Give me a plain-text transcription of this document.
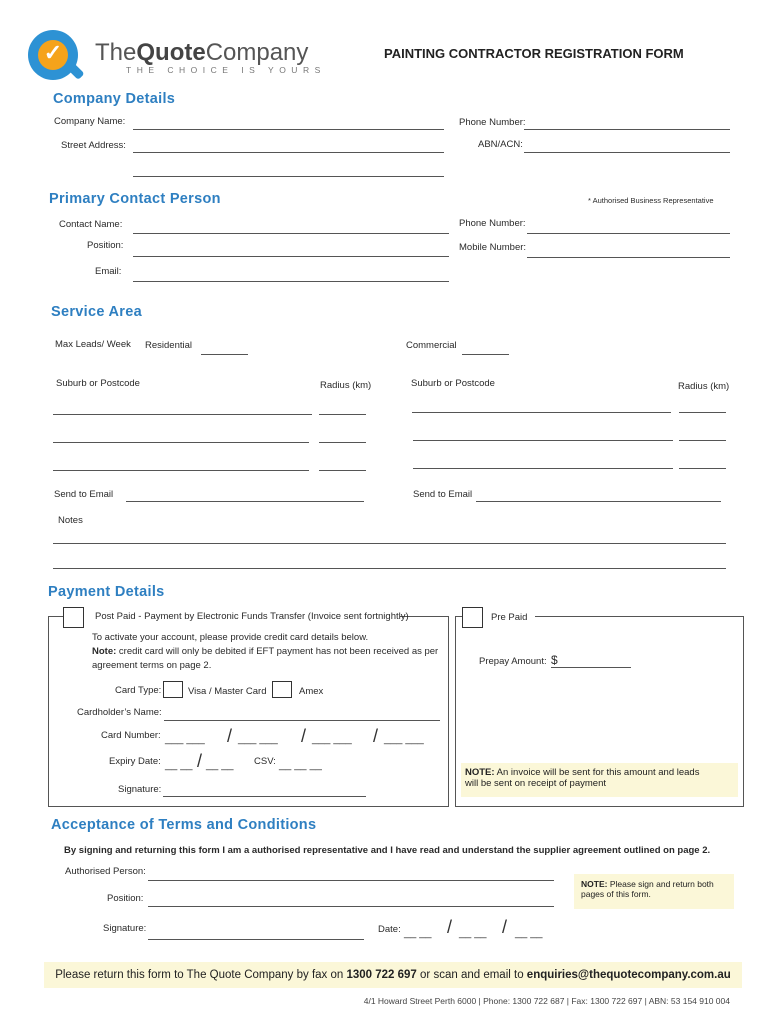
✓ TheQuoteCompany
THE CHOICE IS YOURS
PAINTING CONTRACTOR REGISTRATION FORM
Company Details
Company Name:
Street Address:
Phone Number:
ABN/ACN:
Primary Contact Person	* Authorised Business Representative
Contact Name:
Position:
Email:
Phone Number:
Mobile Number:
Service Area
Max Leads/ Week Residential	Commercial
Suburb or Postcode	Radius (km)	Suburb or Postcode	Radius (km)
Send to Email	Send to Email
Notes
Payment Details
Post Paid - Payment by Electronic Funds Transfer (Invoice sent fortnightly)
To activate your account, please provide credit card details below.
Note: credit card will only be debited if EFT payment has not been received as per
agreement terms on page 2.
Card Type:	Visa / Master Card	Amex
Cardholder’s Name:
Card Number: ___ ___ / ___ ___ / ___ ___ / ___ ___
Expiry Date: __ __ / __ __ CSV: __ __ __
Signature:
Pre Paid
Prepay Amount: $
NOTE: An invoice will be sent for this amount and leads
will be sent on receipt of payment
Acceptance of Terms and Conditions
By signing and returning this form I am a authorised representative and I have read and understand the supplier agreement outlined on page 2.
Authorised Person:
Position:
Signature:	Date: __ __ / __ __ / __ __
NOTE: Please sign and return both
pages of this form.
Please return this form to The Quote Company by fax on 1300 722 697 or scan and email to enquiries@thequotecompany.com.au
4/1 Howard Street Perth 6000 | Phone: 1300 722 687 | Fax: 1300 722 697 | ABN: 53 154 910 004
